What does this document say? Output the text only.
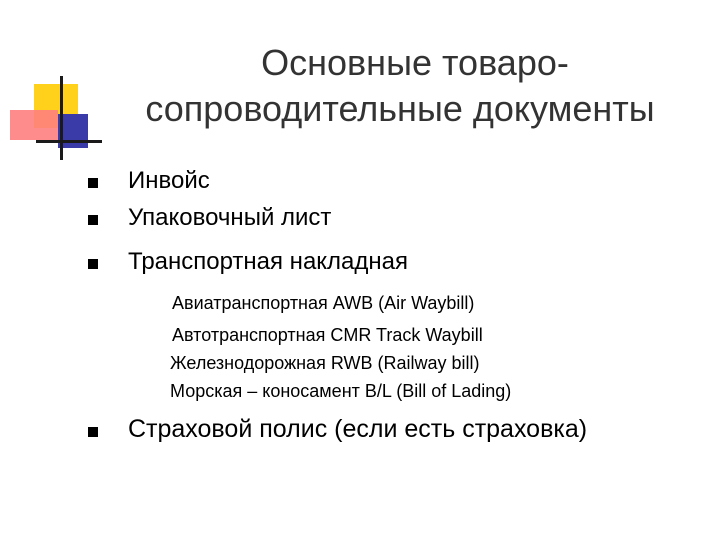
Основные товаро-
сопроводительные документы
Инвойс
Упаковочный лист
Транспортная накладная
Авиатранспортная AWB (Air Waybill)
Автотранспортная CMR Track Waybill
Железнодорожная RWB (Railway bill)
Морская – коносамент B/L (Bill of Lading)
Страховой полис (если есть страховка)
